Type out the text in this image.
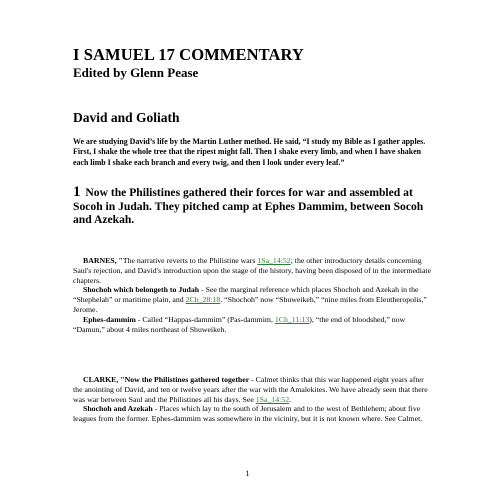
I SAMUEL 17 COMMENTARY
Edited by Glenn Pease
David and Goliath
We are studying David’s life by the Martin Luther method. He said, “I study my Bible as I gather apples. First, I shake the whole tree that the ripest might fall. Then I shake every limb, and when I have shaken each limb I shake each branch and every twig, and then I look under every leaf.”
1 Now the Philistines gathered their forces for war and assembled at Socoh in Judah. They pitched camp at Ephes Dammim, between Socoh and Azekah.
BARNES, "The narrative reverts to the Philistine wars 1Sa_14:52; the other introductory details concerning Saul's rejection, and David's introduction upon the stage of the history, having been disposed of in the intermediate chapters.
Shochoh which belongeth to Judah - See the marginal reference which places Shochoh and Azekah in the “Shephelah” or maritime plain, and 2Ch_28:18. “Shochoh” now “Shuweikeh,” “nine miles from Eleutheropolis,” Jerome.
Ephes-dammim - Called “Happas-dammim” (Pas-dammim, 1Ch_11:13), “the end of bloodshed,” now “Damun,” about 4 miles northeast of Shuweikeh.
CLARKE, "Now the Philistines gathered together - Calmet thinks that this war happened eight years after the anointing of David, and ten or twelve years after the war with the Amalekites. We have already seen that there was war between Saul and the Philistines all his days. See 1Sa_14:52.
Shochoh and Azekah - Places which lay to the south of Jerusalem and to the west of Bethlehem; about five leagues from the former. Ephes-dammim was somewhere in the vicinity, but it is not known where. See Calmet.
1
